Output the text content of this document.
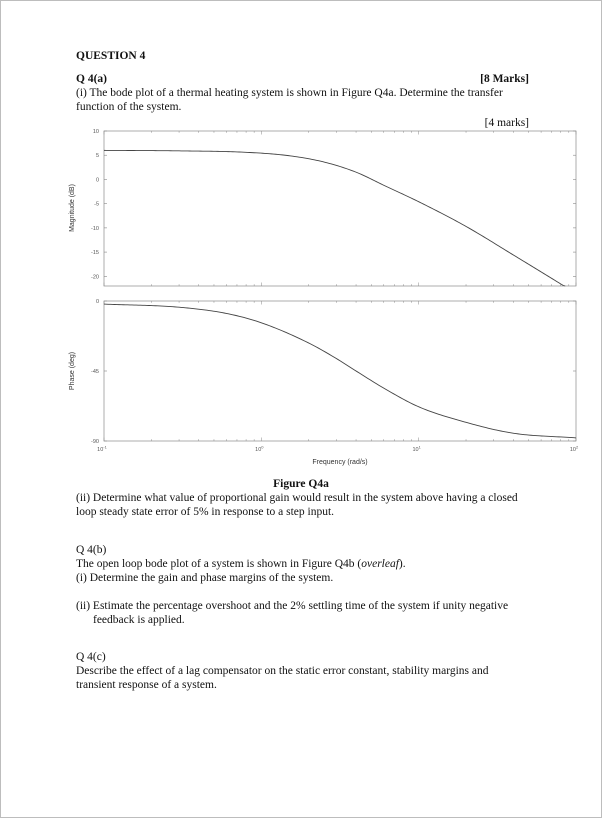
QUESTION 4
Q 4(a)	[8 Marks]
(i) The bode plot of a thermal heating system is shown in Figure Q4a. Determine the transfer
function of the system.
[4 marks]
10
5
0
-5
-10
-15
-20
0
-45
-90
$10^{-1}$	$10^0$	$10^1$	$10^2$
Magnitude (dB)
Phase (deg)
Frequency (rad/s)
Figure Q4a
(ii) Determine what value of proportional gain would result in the system above having a closed
loop steady state error of 5% in response to a step input.
Q 4(b)
The open loop bode plot of a system is shown in Figure Q4b (overleaf).
(i) Determine the gain and phase margins of the system.
(ii) Estimate the percentage overshoot and the 2% settling time of the system if unity negative
feedback is applied.
Q 4(c)
Describe the effect of a lag compensator on the static error constant, stability margins and
transient response of a system.
